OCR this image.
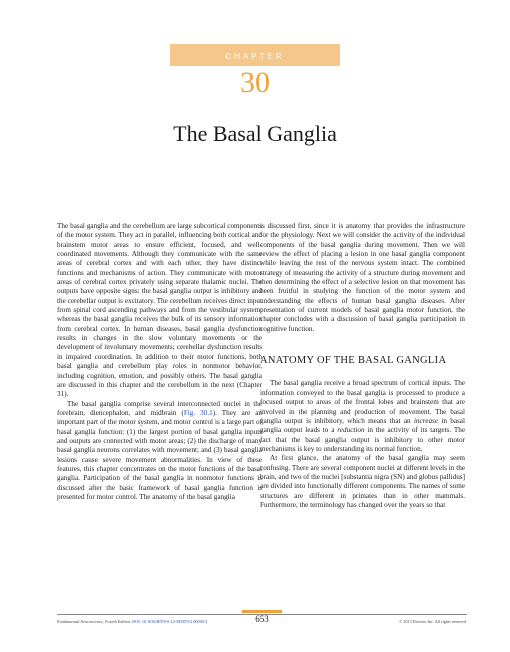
CHAPTER
30
The Basal Ganglia

The basal ganglia and the cerebellum are large subcortical components of the motor system. They act in parallel, influencing both cortical and brainstem motor areas to ensure efficient, focused, and well-coordinated movements. Although they communicate with the same areas of cerebral cortex and with each other, they have distinct functions and mechanisms of action. They communicate with motor areas of cerebral cortex privately using separate thalamic nuclei. The outputs have opposite signs: the basal ganglia output is inhibitory and the cerebellar output is excitatory. The cerebellum receives direct input from spinal cord ascending pathways and from the vestibular system, whereas the basal ganglia receives the bulk of its sensory information from cerebral cortex. In human diseases, basal ganglia dysfunction results in changes in the slow voluntary movements or the development of involuntary movements; cerebellar dysfunction results in impaired coordination. In addition to their motor functions, both basal ganglia and cerebellum play roles in nonmotor behavior, including cognition, emotion, and possibly others. The basal ganglia are discussed in this chapter and the cerebellum in the next (Chapter 31).

The basal ganglia comprise several interconnected nuclei in the forebrain, diencephalon, and midbrain (Fig. 30.1). They are an important part of the motor system, and motor control is a large part of basal ganglia function: (1) the largest portion of basal ganglia inputs and outputs are connected with motor areas; (2) the discharge of many basal ganglia neurons correlates with movement; and (3) basal ganglia lesions cause severe movement abnormalities. In view of these features, this chapter concentrates on the motor functions of the basal ganglia. Participation of the basal ganglia in nonmotor functions is discussed after the basic framework of basal ganglia function is presented for motor control. The anatomy of the basal ganglia

is discussed first, since it is anatomy that provides the infrastructure for the physiology. Next we will consider the activity of the individual components of the basal ganglia during movement. Then we will review the effect of placing a lesion in one basal ganglia component while leaving the rest of the nervous system intact. The combined strategy of measuring the activity of a structure during movement and then determining the effect of a selective lesion on that movement has been fruitful in studying the function of the motor system and understanding the effects of human basal ganglia diseases. After presentation of current models of basal ganglia motor function, the chapter concludes with a discussion of basal ganglia participation in cognitive function.

ANATOMY OF THE BASAL GANGLIA

The basal ganglia receive a broad spectrum of cortical inputs. The information conveyed to the basal ganglia is processed to produce a focused output to areas of the frontal lobes and brainstem that are involved in the planning and production of movement. The basal ganglia output is inhibitory, which means that an increase in basal ganglia output leads to a reduction in the activity of its targets. The fact that the basal ganglia output is inhibitory to other motor mechanisms is key to understanding its normal function.

At first glance, the anatomy of the basal ganglia may seem confusing. There are several component nuclei at different levels in the brain, and two of the nuclei [substantia nigra (SN) and globus pallidus] are divided into functionally different components. The names of some structures are different in primates than in other mammals. Furthermore, the terminology has changed over the years so that

Fundamental Neuroscience, Fourth Edition. DOI: 10.1016/B978-0-12-385870-2.00030-5	653	© 2013 Elsevier Inc. All rights reserved.
